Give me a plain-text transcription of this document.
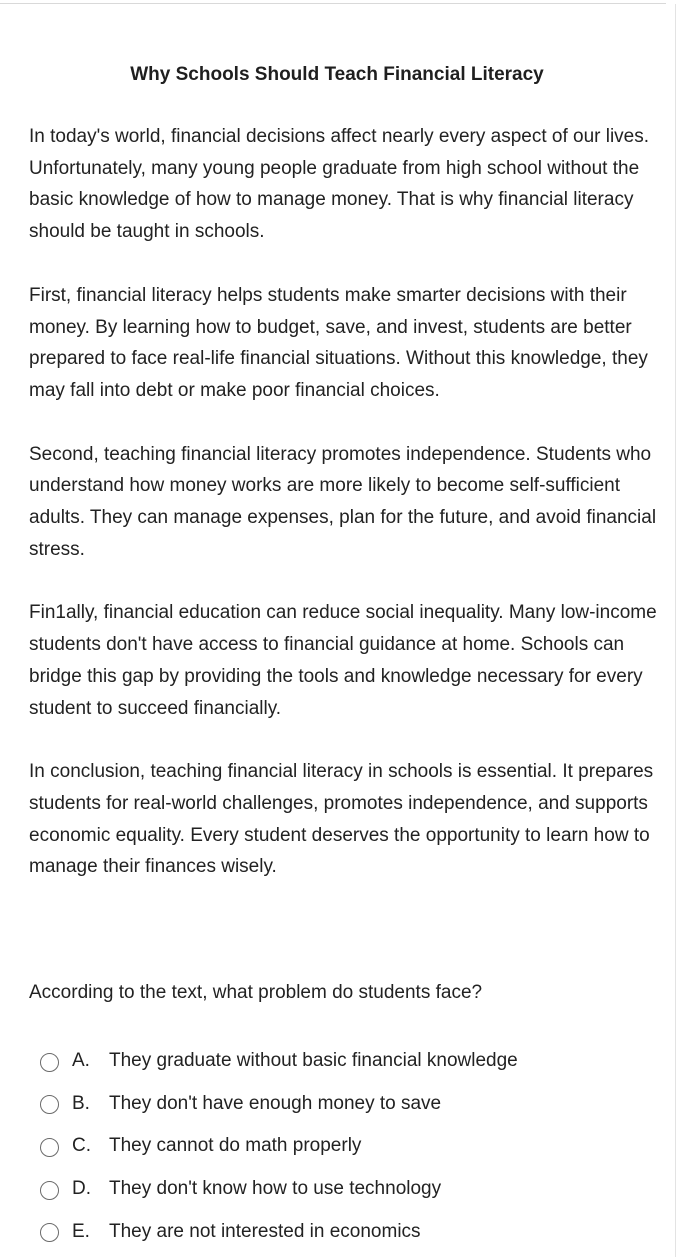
Why Schools Should Teach Financial Literacy

In today's world, financial decisions affect nearly every aspect of our lives. Unfortunately, many young people graduate from high school without the basic knowledge of how to manage money. That is why financial literacy should be taught in schools.

First, financial literacy helps students make smarter decisions with their money. By learning how to budget, save, and invest, students are better prepared to face real-life financial situations. Without this knowledge, they may fall into debt or make poor financial choices.

Second, teaching financial literacy promotes independence. Students who understand how money works are more likely to become self-sufficient adults. They can manage expenses, plan for the future, and avoid financial stress.

Fin1ally, financial education can reduce social inequality. Many low-income students don't have access to financial guidance at home. Schools can bridge this gap by providing the tools and knowledge necessary for every student to succeed financially.

In conclusion, teaching financial literacy in schools is essential. It prepares students for real-world challenges, promotes independence, and supports economic equality. Every student deserves the opportunity to learn how to manage their finances wisely.

According to the text, what problem do students face?
A.	They graduate without basic financial knowledge
B.	They don't have enough money to save
C. They cannot do math properly
D. They don't know how to use technology
E.	They are not interested in economics
